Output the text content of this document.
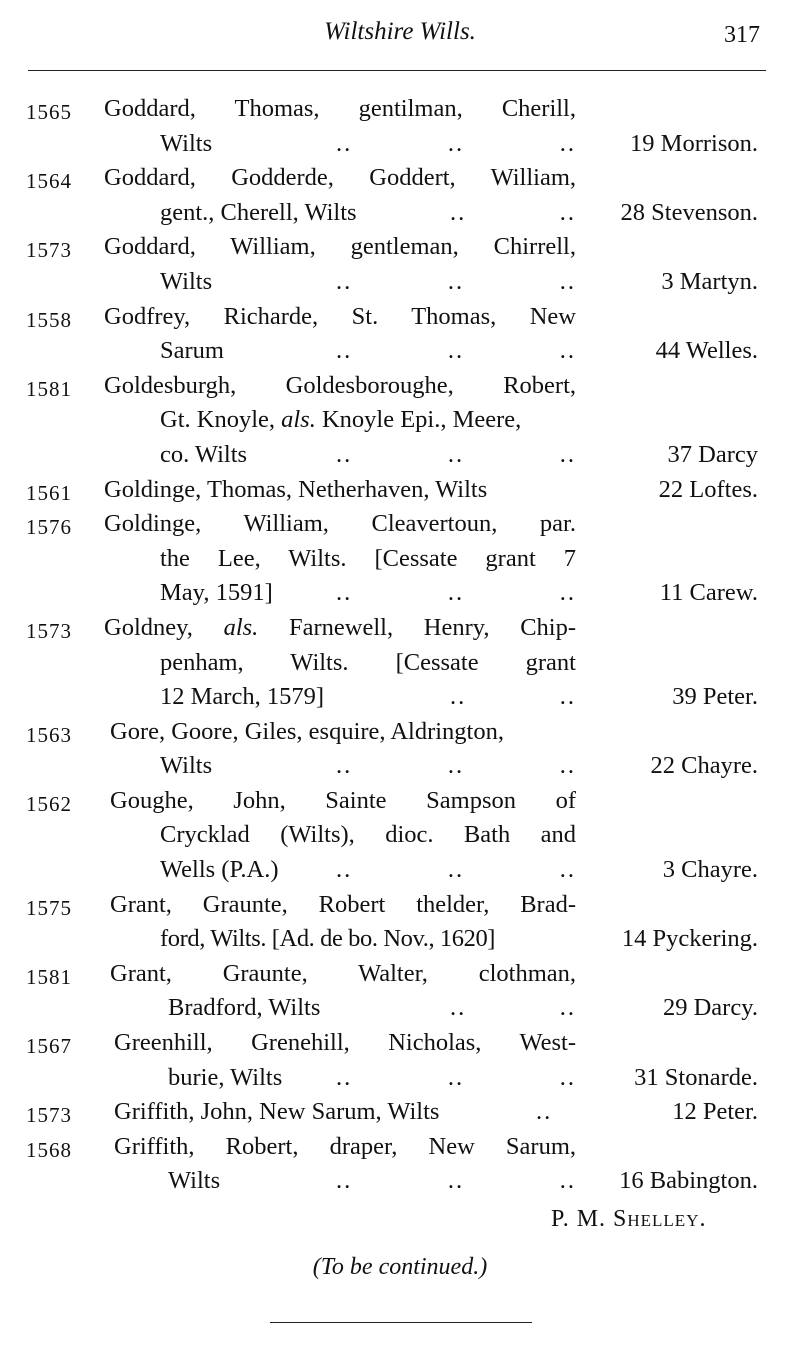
Wiltshire Wills.	317
1565 Goddard, Thomas, gentilman, Cherill,
Wilts	..	..	.. 19 Morrison.
1564 Goddard, Godderde, Goddert, William,
gent., Cherell, Wilts	..	.. 28 Stevenson.
1573 Goddard, William, gentleman, Chirrell,
Wilts	..	..	..	3 Martyn.
1558 Godfrey, Richarde, St. Thomas, New
Sarum	..	..	..	44 Welles.
1581 Goldesburgh, Goldesboroughe, Robert,
Gt. Knoyle, als. Knoyle Epi., Meere,
co. Wilts	..	..	..	37 Darcy
1561 Goldinge, Thomas, Netherhaven, Wilts	22 Loftes.
1576 Goldinge, William, Cleavertoun, par.
the Lee, Wilts. [Cessate grant 7
May, 1591]	..	..	..	11 Carew.
1573 Goldney, als. Farnewell, Henry, Chip-
penham, Wilts. [Cessate grant
12 March, 1579]	..	..	39 Peter.
1563 Gore, Goore, Giles, esquire, Aldrington,
Wilts	..	..	..	22 Chayre.
1562 Goughe, John, Sainte Sampson of
Crycklad (Wilts), dioc. Bath and
Wells (P.A.) ..	..	..	3 Chayre.
1575 Grant, Graunte, Robert thelder, Brad-
ford, Wilts. [Ad. de bo. Nov., 1620]	14 Pyckering.
1581 Grant, Graunte, Walter, clothman,
Bradford, Wilts	..	..	29 Darcy.
1567 Greenhill, Grenehill, Nicholas, West-
burie, Wilts ..	..	.. 31 Stonarde.
1573 Griffith, John, New Sarum, Wilts	..	12 Peter.
1568 Griffith, Robert, draper, New Sarum,
Wilts	..	..	.. 16 Babington.
P. M. Shelley.
(To be continued.)
